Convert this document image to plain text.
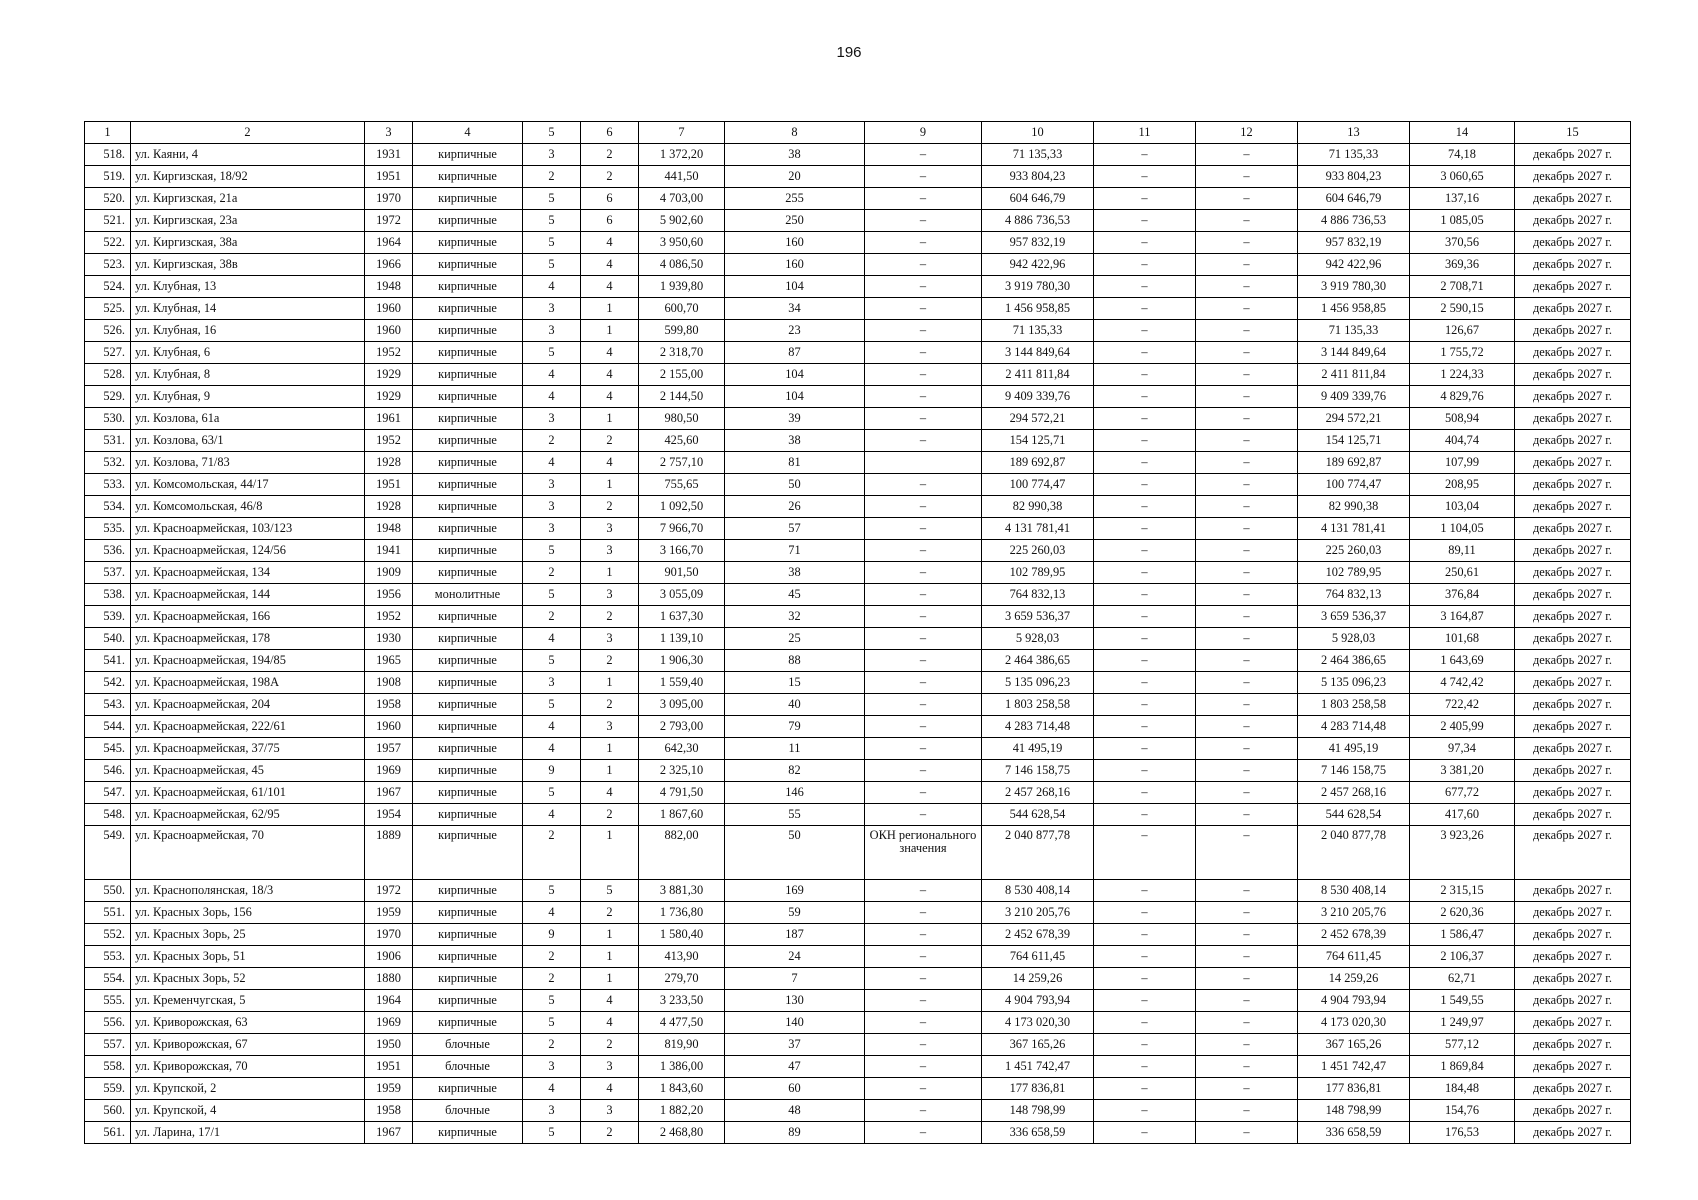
196
1	2	3	4	5	6	7	8	9	10	11	12	13	14	15
518.	ул. Каяни, 4	1931	кирпичные	3	2	1 372,20	38	–	71 135,33	–	–	71 135,33	74,18	декабрь 2027 г.
519.	ул. Киргизская, 18/92	1951	кирпичные	2	2	441,50	20	–	933 804,23	–	–	933 804,23	3 060,65	декабрь 2027 г.
520.	ул. Киргизская, 21а	1970	кирпичные	5	6	4 703,00	255	–	604 646,79	–	–	604 646,79	137,16	декабрь 2027 г.
521.	ул. Киргизская, 23а	1972	кирпичные	5	6	5 902,60	250	–	4 886 736,53	–	–	4 886 736,53	1 085,05	декабрь 2027 г.
522.	ул. Киргизская, 38а	1964	кирпичные	5	4	3 950,60	160	–	957 832,19	–	–	957 832,19	370,56	декабрь 2027 г.
523.	ул. Киргизская, 38в	1966	кирпичные	5	4	4 086,50	160	–	942 422,96	–	–	942 422,96	369,36	декабрь 2027 г.
524.	ул. Клубная, 13	1948	кирпичные	4	4	1 939,80	104	–	3 919 780,30	–	–	3 919 780,30	2 708,71	декабрь 2027 г.
525.	ул. Клубная, 14	1960	кирпичные	3	1	600,70	34	–	1 456 958,85	–	–	1 456 958,85	2 590,15	декабрь 2027 г.
526.	ул. Клубная, 16	1960	кирпичные	3	1	599,80	23	–	71 135,33	–	–	71 135,33	126,67	декабрь 2027 г.
527.	ул. Клубная, 6	1952	кирпичные	5	4	2 318,70	87	–	3 144 849,64	–	–	3 144 849,64	1 755,72	декабрь 2027 г.
528.	ул. Клубная, 8	1929	кирпичные	4	4	2 155,00	104	–	2 411 811,84	–	–	2 411 811,84	1 224,33	декабрь 2027 г.
529.	ул. Клубная, 9	1929	кирпичные	4	4	2 144,50	104	–	9 409 339,76	–	–	9 409 339,76	4 829,76	декабрь 2027 г.
530.	ул. Козлова, 61а	1961	кирпичные	3	1	980,50	39	–	294 572,21	–	–	294 572,21	508,94	декабрь 2027 г.
531.	ул. Козлова, 63/1	1952	кирпичные	2	2	425,60	38	–	154 125,71	–	–	154 125,71	404,74	декабрь 2027 г.
532.	ул. Козлова, 71/83	1928	кирпичные	4	4	2 757,10	81		189 692,87	–	–	189 692,87	107,99	декабрь 2027 г.
533.	ул. Комсомольская, 44/17	1951	кирпичные	3	1	755,65	50	–	100 774,47	–	–	100 774,47	208,95	декабрь 2027 г.
534.	ул. Комсомольская, 46/8	1928	кирпичные	3	2	1 092,50	26	–	82 990,38	–	–	82 990,38	103,04	декабрь 2027 г.
535.	ул. Красноармейская, 103/123	1948	кирпичные	3	3	7 966,70	57	–	4 131 781,41	–	–	4 131 781,41	1 104,05	декабрь 2027 г.
536.	ул. Красноармейская, 124/56	1941	кирпичные	5	3	3 166,70	71	–	225 260,03	–	–	225 260,03	89,11	декабрь 2027 г.
537.	ул. Красноармейская, 134	1909	кирпичные	2	1	901,50	38	–	102 789,95	–	–	102 789,95	250,61	декабрь 2027 г.
538.	ул. Красноармейская, 144	1956	монолитные	5	3	3 055,09	45	–	764 832,13	–	–	764 832,13	376,84	декабрь 2027 г.
539.	ул. Красноармейская, 166	1952	кирпичные	2	2	1 637,30	32	–	3 659 536,37	–	–	3 659 536,37	3 164,87	декабрь 2027 г.
540.	ул. Красноармейская, 178	1930	кирпичные	4	3	1 139,10	25	–	5 928,03	–	–	5 928,03	101,68	декабрь 2027 г.
541.	ул. Красноармейская, 194/85	1965	кирпичные	5	2	1 906,30	88	–	2 464 386,65	–	–	2 464 386,65	1 643,69	декабрь 2027 г.
542.	ул. Красноармейская, 198А	1908	кирпичные	3	1	1 559,40	15	–	5 135 096,23	–	–	5 135 096,23	4 742,42	декабрь 2027 г.
543.	ул. Красноармейская, 204	1958	кирпичные	5	2	3 095,00	40	–	1 803 258,58	–	–	1 803 258,58	722,42	декабрь 2027 г.
544.	ул. Красноармейская, 222/61	1960	кирпичные	4	3	2 793,00	79	–	4 283 714,48	–	–	4 283 714,48	2 405,99	декабрь 2027 г.
545.	ул. Красноармейская, 37/75	1957	кирпичные	4	1	642,30	11	–	41 495,19	–	–	41 495,19	97,34	декабрь 2027 г.
546.	ул. Красноармейская, 45	1969	кирпичные	9	1	2 325,10	82	–	7 146 158,75	–	–	7 146 158,75	3 381,20	декабрь 2027 г.
547.	ул. Красноармейская, 61/101	1967	кирпичные	5	4	4 791,50	146	–	2 457 268,16	–	–	2 457 268,16	677,72	декабрь 2027 г.
548.	ул. Красноармейская, 62/95	1954	кирпичные	4	2	1 867,60	55	–	544 628,54	–	–	544 628,54	417,60	декабрь 2027 г.
549.	ул. Красноармейская, 70	1889	кирпичные	2	1	882,00	50	ОКН регионального значения	2 040 877,78	–	–	2 040 877,78	3 923,26	декабрь 2027 г.
550.	ул. Краснополянская, 18/3	1972	кирпичные	5	5	3 881,30	169	–	8 530 408,14	–	–	8 530 408,14	2 315,15	декабрь 2027 г.
551.	ул. Красных Зорь, 156	1959	кирпичные	4	2	1 736,80	59	–	3 210 205,76	–	–	3 210 205,76	2 620,36	декабрь 2027 г.
552.	ул. Красных Зорь, 25	1970	кирпичные	9	1	1 580,40	187	–	2 452 678,39	–	–	2 452 678,39	1 586,47	декабрь 2027 г.
553.	ул. Красных Зорь, 51	1906	кирпичные	2	1	413,90	24	–	764 611,45	–	–	764 611,45	2 106,37	декабрь 2027 г.
554.	ул. Красных Зорь, 52	1880	кирпичные	2	1	279,70	7	–	14 259,26	–	–	14 259,26	62,71	декабрь 2027 г.
555.	ул. Кременчугская, 5	1964	кирпичные	5	4	3 233,50	130	–	4 904 793,94	–	–	4 904 793,94	1 549,55	декабрь 2027 г.
556.	ул. Криворожская, 63	1969	кирпичные	5	4	4 477,50	140	–	4 173 020,30	–	–	4 173 020,30	1 249,97	декабрь 2027 г.
557.	ул. Криворожская, 67	1950	блочные	2	2	819,90	37	–	367 165,26	–	–	367 165,26	577,12	декабрь 2027 г.
558.	ул. Криворожская, 70	1951	блочные	3	3	1 386,00	47	–	1 451 742,47	–	–	1 451 742,47	1 869,84	декабрь 2027 г.
559.	ул. Крупской, 2	1959	кирпичные	4	4	1 843,60	60	–	177 836,81	–	–	177 836,81	184,48	декабрь 2027 г.
560.	ул. Крупской, 4	1958	блочные	3	3	1 882,20	48	–	148 798,99	–	–	148 798,99	154,76	декабрь 2027 г.
561.	ул. Ларина, 17/1	1967	кирпичные	5	2	2 468,80	89	–	336 658,59	–	–	336 658,59	176,53	декабрь 2027 г.
